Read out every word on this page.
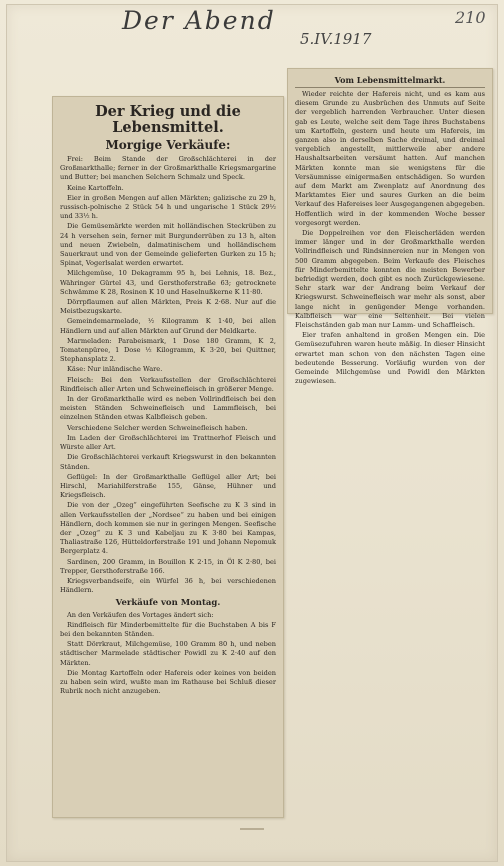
Der Abend
5.IV.1917
210
Der Krieg und die Lebensmittel.
Morgige Verkäufe:

Frei: Beim Stande der Großschlächterei in der Großmarkthalle; ferner in der Großmarkthalle Kriegsmargarine und Butter; bei manchen Selchern Schmalz und Speck.

Keine Kartoffeln.

Eier in großen Mengen auf allen Märkten; galizische zu 29 h, russisch-polnische 2 Stück 54 h und ungarische 1 Stück 29½ und 33½ h.

Die Gemüsemärkte werden mit holländischen Steckrüben zu 24 h versehen sein, ferner mit Burgunderrüben zu 13 h, alten und neuen Zwiebeln, dalmatinischem und holländischem Sauerkraut und von der Gemeinde gelieferten Gurken zu 15 h; Spinat, Vogerlsalat werden erwartet.

Milchgemüse, 10 Dekagramm 95 h, bei Lehnis, 18. Bez., Währinger Gürtel 43, und Gersthoferstraße 63; getrocknete Schwämme K 28, Rosinen K 10 und Haselnußkerne K 11·80.

Dörrpflaumen auf allen Märkten, Preis K 2·68. Nur auf die Meistbezugskarte.

Gemeindemarmelade, ½ Kilogramm K 1·40, bei allen Händlern und auf allen Märkten auf Grund der Meldkarte.

Marmeladen: Parabeismark, 1 Dose 180 Gramm, K 2, Tomatenpüree, 1 Dose ½ Kilogramm, K 3·20, bei Quittner, Stephansplatz 2.

Käse: Nur inländische Ware.

Fleisch: Bei den Verkaufsstellen der Großschlächterei Rindfleisch aller Arten und Schweinefleisch in größerer Menge.

In der Großmarkthalle wird es neben Vollrindfleisch bei den meisten Ständen Schweinefleisch und Lammfleisch, bei einzelnen Ständen etwas Kalbfleisch geben.

Verschiedene Selcher werden Schweinefleisch haben.

Im Laden der Großschlächterei im Trattnerhof Fleisch und Würste aller Art.

Die Großschlächterei verkauft Kriegswurst in den bekannten Ständen.

Geflügel: In der Großmarkthalle Geflügel aller Art; bei Hirschl, Mariahilferstraße 155, Gänse, Hühner und Kriegsfleisch.

Die von der „Ozeg“ eingeführten Seefische zu K 3 sind in allen Verkaufsstellen der „Nordsee“ zu haben und bei einigen Händlern, doch kommen sie nur in geringen Mengen. Seefische der „Ozeg“ zu K 3 und Kabeljau zu K 3·80 bei Kampas, Thaliastraße 126, Hütteldorferstraße 191 und Johann Nepomuk Bergerplatz 4.

Sardinen, 200 Gramm, in Bouillon K 2·15, in Öl K 2·80, bei Trepper, Gersthoferstraße 166.

Kriegsverbandseife, ein Würfel 36 h, bei verschiedenen Händlern.

Verkäufe von Montag.

An den Verkäufen des Vortages ändert sich:

Rindfleisch für Minderbemittelte für die Buchstaben A bis F bei den bekannten Ständen.

Statt Dörrkraut, Milchgemüse, 100 Gramm 80 h, und neben städtischer Marmelade städtischer Powidl zu K 2·40 auf den Märkten.

Die Montag Kartoffeln oder Hafereis oder keines von beiden zu haben sein wird, wußte man im Rathause bei Schluß dieser Rubrik noch nicht anzugeben.

Vom Lebensmittelmarkt.

Wieder reichte der Hafereis nicht, und es kam aus diesem Grunde zu Ausbrüchen des Unmuts auf Seite der vergeblich harrenden Verbraucher. Unter diesen gab es Leute, welche seit dem Tage ihres Buchstabens um Kartoffeln, gestern und heute um Hafereis, im ganzen also in derselben Sache dreimal, und dreimal vergeblich angestellt, mittlerweile aber andere Haushaltsarbeiten versäumt hatten. Auf manchen Märkten konnte man sie wenigstens für die Versäumnisse einigermaßen entschädigen. So wurden auf dem Markt am Zwenplatz auf Anordnung des Marktamtes Eier und saures Gurken an die beim Verkauf des Hafereises leer Ausgegangenen abgegeben. Hoffentlich wird in der kommenden Woche besser vorgesorgt werden.

Die Doppelreihen vor den Fleischerläden werden immer länger und in der Großmarkthalle werden Vollrindfleisch und Rindsinnereien nur in Mengen von 500 Gramm abgegeben. Beim Verkaufe des Fleisches für Minderbemittelte konnten die meisten Bewerber befriedigt werden, doch gibt es noch Zurückgewiesene. Sehr stark war der Andrang beim Verkauf der Kriegswurst. Schweinefleisch war mehr als sonst, aber lange nicht in genügender Menge vorhanden. Kalbfleisch war eine Seltenheit. Bei vielen Fleischständen gab man nur Lamm- und Schaffleisch.

Eier trafen anhaltend in großen Mengen ein. Die Gemüsezufuhren waren heute mäßig. In dieser Hinsicht erwartet man schon von den nächsten Tagen eine bedeutende Besserung. Vorläufig wurden von der Gemeinde Milchgemüse und Powidl den Märkten zugewiesen.
